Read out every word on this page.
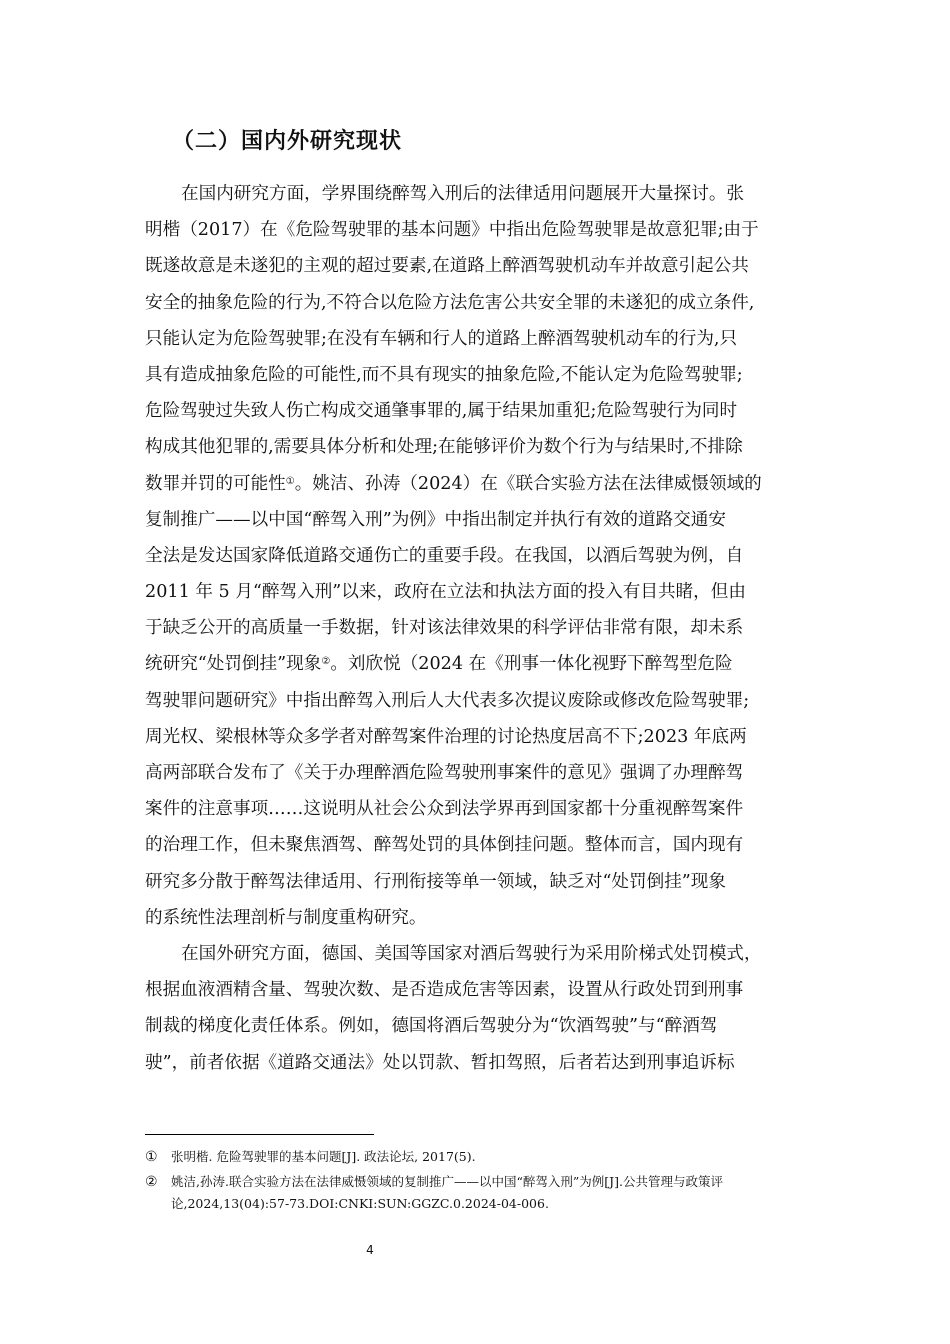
（二）国内外研究现状
在国内研究方面，学界围绕醉驾入刑后的法律适用问题展开大量探讨。张
明楷（2017）在《危险驾驶罪的基本问题》中指出危险驾驶罪是故意犯罪;由于
既遂故意是未遂犯的主观的超过要素,在道路上醉酒驾驶机动车并故意引起公共
安全的抽象危险的行为,不符合以危险方法危害公共安全罪的未遂犯的成立条件,
只能认定为危险驾驶罪;在没有车辆和行人的道路上醉酒驾驶机动车的行为,只
具有造成抽象危险的可能性,而不具有现实的抽象危险,不能认定为危险驾驶罪;
危险驾驶过失致人伤亡构成交通肇事罪的,属于结果加重犯;危险驾驶行为同时
构成其他犯罪的,需要具体分析和处理;在能够评价为数个行为与结果时,不排除
数罪并罚的可能性①。姚洁、孙涛（2024）在《联合实验方法在法律威慑领域的
复制推广——以中国“醉驾入刑”为例》中指出制定并执行有效的道路交通安
全法是发达国家降低道路交通伤亡的重要手段。在我国，以酒后驾驶为例，自
2011 年 5 月“醉驾入刑”以来，政府在立法和执法方面的投入有目共睹，但由
于缺乏公开的高质量一手数据，针对该法律效果的科学评估非常有限，却未系
统研究“处罚倒挂”现象②。刘欣悦（2024 在《刑事一体化视野下醉驾型危险
驾驶罪问题研究》中指出醉驾入刑后人大代表多次提议废除或修改危险驾驶罪;
周光权、梁根林等众多学者对醉驾案件治理的讨论热度居高不下;2023 年底两
高两部联合发布了《关于办理醉酒危险驾驶刑事案件的意见》强调了办理醉驾
案件的注意事项……这说明从社会公众到法学界再到国家都十分重视醉驾案件
的治理工作，但未聚焦酒驾、醉驾处罚的具体倒挂问题。整体而言，国内现有
研究多分散于醉驾法律适用、行刑衔接等单一领域，缺乏对“处罚倒挂”现象
的系统性法理剖析与制度重构研究。
在国外研究方面，德国、美国等国家对酒后驾驶行为采用阶梯式处罚模式，
根据血液酒精含量、驾驶次数、是否造成危害等因素，设置从行政处罚到刑事
制裁的梯度化责任体系。例如，德国将酒后驾驶分为“饮酒驾驶”与“醉酒驾
驶”，前者依据《道路交通法》处以罚款、暂扣驾照，后者若达到刑事追诉标
① 张明楷. 危险驾驶罪的基本问题[J]. 政法论坛, 2017(5).
② 姚洁,孙涛.联合实验方法在法律威慑领域的复制推广——以中国“醉驾入刑”为例[J].公共管理与政策评论,2024,13(04):57-73.DOI:CNKI:SUN:GGZC.0.2024-04-006.
4
